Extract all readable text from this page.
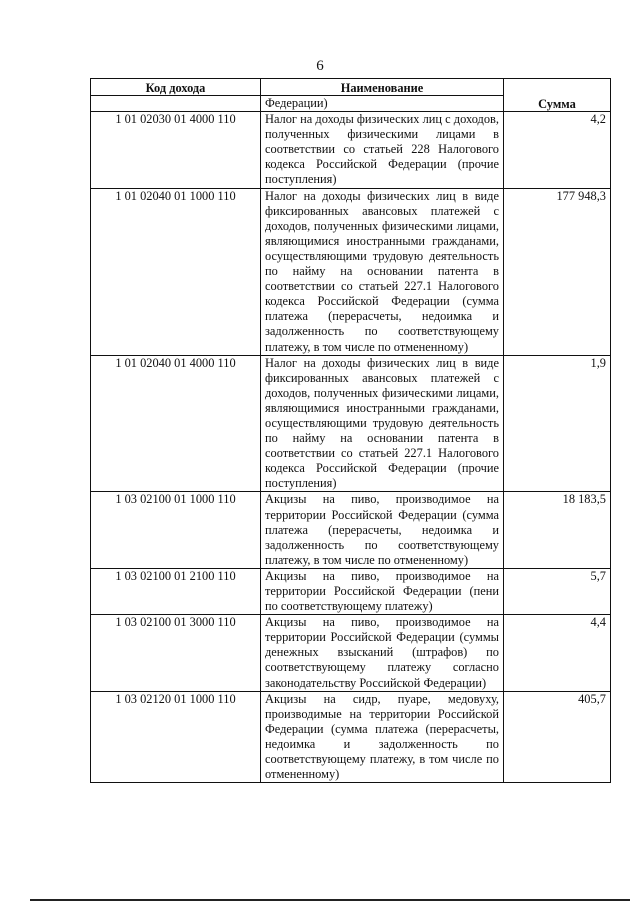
6
Код дохода	Наименование	Сумма
	Федерации)	
1 01 02030 01 4000 110	Налог на доходы физических лиц с доходов, полученных физическими лицами в соответствии со статьей 228 Налогового кодекса Российской Федерации (прочие поступления)	4,2
1 01 02040 01 1000 110	Налог на доходы физических лиц в виде фиксированных авансовых платежей с доходов, полученных физическими лицами, являющимися иностранными гражданами, осуществляющими трудовую деятельность по найму на основании патента в соответствии со статьей 227.1 Налогового кодекса Российской Федерации (сумма платежа (перерасчеты, недоимка и задолженность по соответствующему платежу, в том числе по отмененному)	177 948,3
1 01 02040 01 4000 110	Налог на доходы физических лиц в виде фиксированных авансовых платежей с доходов, полученных физическими лицами, являющимися иностранными гражданами, осуществляющими трудовую деятельность по найму на основании патента в соответствии со статьей 227.1 Налогового кодекса Российской Федерации (прочие поступления)	1,9
1 03 02100 01 1000 110	Акцизы на пиво, производимое на территории Российской Федерации (сумма платежа (перерасчеты, недоимка и задолженность по соответствующему платежу, в том числе по отмененному)	18 183,5
1 03 02100 01 2100 110	Акцизы на пиво, производимое на территории Российской Федерации (пени по соответствующему платежу)	5,7
1 03 02100 01 3000 110	Акцизы на пиво, производимое на территории Российской Федерации (суммы денежных взысканий (штрафов) по соответствующему платежу согласно законодательству Российской Федерации)	4,4
1 03 02120 01 1000 110	Акцизы на сидр, пуаре, медовуху, производимые на территории Российской Федерации (сумма платежа (перерасчеты, недоимка и задолженность по соответствующему платежу, в том числе по отмененному)	405,7
